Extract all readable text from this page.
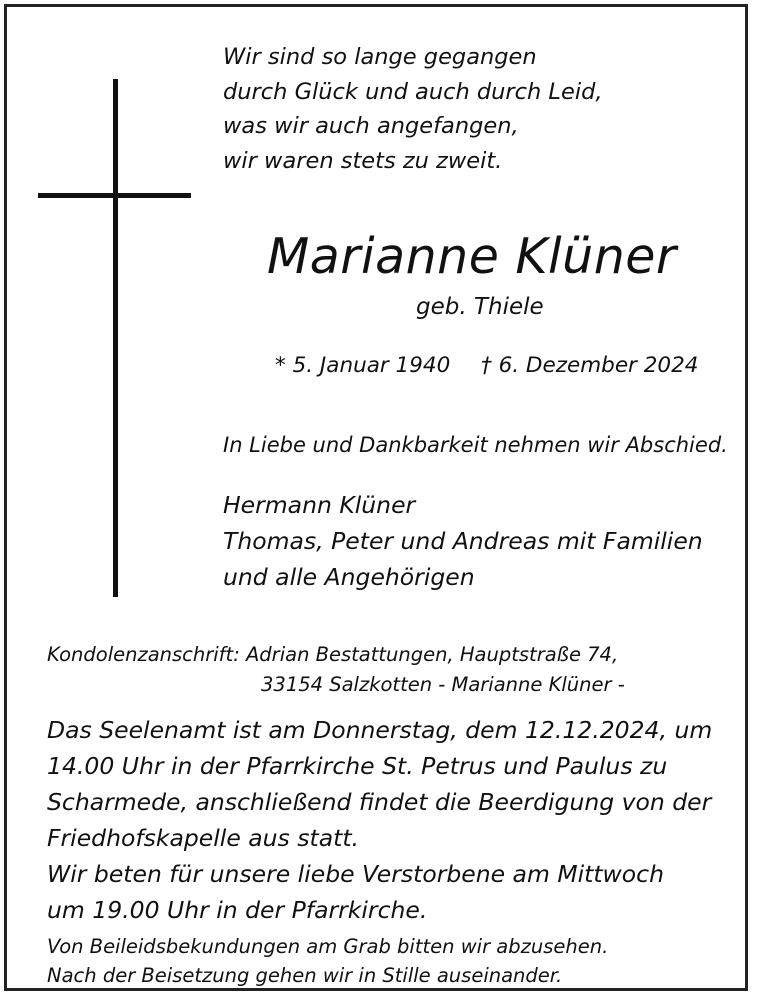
Wir sind so lange gegangen
durch Glück und auch durch Leid,
was wir auch angefangen,
wir waren stets zu zweit.
Marianne Klüner
geb. Thiele
* 5. Januar 1940 † 6. Dezember 2024
In Liebe und Dankbarkeit nehmen wir Abschied.
Hermann Klüner
Thomas, Peter und Andreas mit Familien
und alle Angehörigen
Kondolenzanschrift: Adrian Bestattungen, Hauptstraße 74,
33154 Salzkotten - Marianne Klüner -
Das Seelenamt ist am Donnerstag, dem 12.12.2024, um
14.00 Uhr in der Pfarrkirche St. Petrus und Paulus zu
Scharmede, anschließend findet die Beerdigung von der
Friedhofskapelle aus statt.
Wir beten für unsere liebe Verstorbene am Mittwoch
um 19.00 Uhr in der Pfarrkirche.
Von Beileidsbekundungen am Grab bitten wir abzusehen.
Nach der Beisetzung gehen wir in Stille auseinander.
